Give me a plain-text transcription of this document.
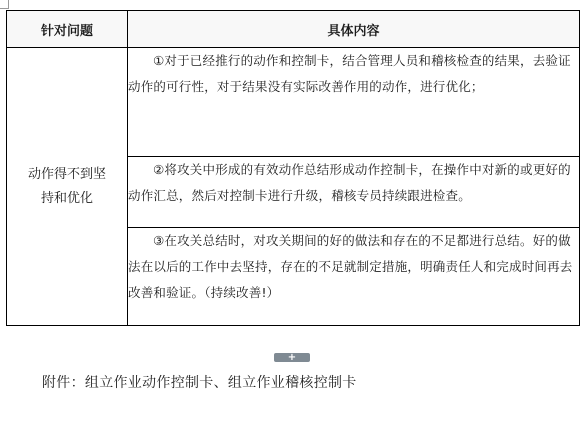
针对问题	具体内容
动作得不到坚持和优化	①对于已经推行的动作和控制卡，结合管理人员和稽核检查的结果，去验证动作的可行性，对于结果没有实际改善作用的动作，进行优化；

	②将攻关中形成的有效动作总结形成动作控制卡，在操作中对新的或更好的动作汇总，然后对控制卡进行升级，稽核专员持续跟进检查。

	③在攻关总结时，对攻关期间的好的做法和存在的不足都进行总结。好的做法在以后的工作中去坚持，存在的不足就制定措施，明确责任人和完成时间再去改善和验证。（持续改善!）
+
附件：组立作业动作控制卡、组立作业稽核控制卡
